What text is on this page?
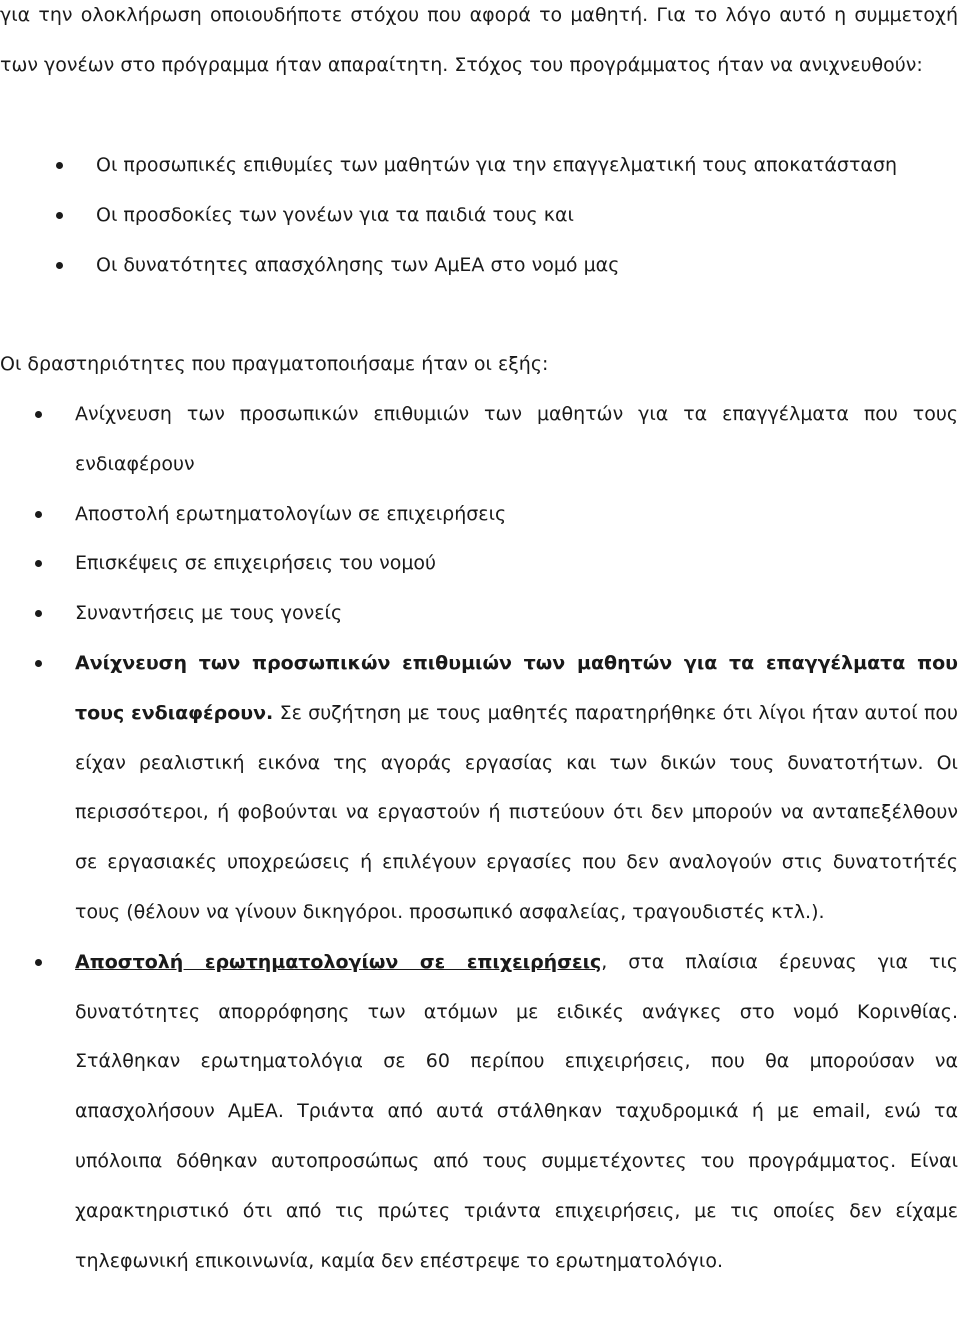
για την ολοκλήρωση οποιουδήποτε στόχου που αφορά το μαθητή. Για το λόγο αυτό η συμμετοχή των γονέων στο πρόγραμμα ήταν απαραίτητη. Στόχος του προγράμματος ήταν να ανιχνευθούν:

Οι προσωπικές επιθυμίες των μαθητών για την επαγγελματική τους αποκατάσταση
Οι προσδοκίες των γονέων για τα παιδιά τους και
Οι δυνατότητες απασχόλησης των ΑμΕΑ στο νομό μας

Οι δραστηριότητες που πραγματοποιήσαμε ήταν οι εξής:

Ανίχνευση των προσωπικών επιθυμιών των μαθητών για τα επαγγέλματα που τους ενδιαφέρουν
Αποστολή ερωτηματολογίων σε επιχειρήσεις
Επισκέψεις σε επιχειρήσεις του νομού
Συναντήσεις με τους γονείς
Ανίχνευση των προσωπικών επιθυμιών των μαθητών για τα επαγγέλματα που τους ενδιαφέρουν. Σε συζήτηση με τους μαθητές παρατηρήθηκε ότι λίγοι ήταν αυτοί που είχαν ρεαλιστική εικόνα της αγοράς εργασίας και των δικών τους δυνατοτήτων. Οι περισσότεροι, ή φοβούνται να εργαστούν ή πιστεύουν ότι δεν μπορούν να ανταπεξέλθουν σε εργασιακές υποχρεώσεις ή επιλέγουν εργασίες που δεν αναλογούν στις δυνατοτήτές τους (θέλουν να γίνουν δικηγόροι. προσωπικό ασφαλείας, τραγουδιστές κτλ.).
Αποστολή ερωτηματολογίων σε επιχειρήσεις, στα πλαίσια έρευνας για τις δυνατότητες απορρόφησης των ατόμων με ειδικές ανάγκες στο νομό Κορινθίας. Στάλθηκαν ερωτηματολόγια σε 60 περίπου επιχειρήσεις, που θα μπορούσαν να απασχολήσουν ΑμΕΑ. Τριάντα από αυτά στάλθηκαν ταχυδρομικά ή με email, ενώ τα υπόλοιπα δόθηκαν αυτοπροσώπως από τους συμμετέχοντες του προγράμματος. Είναι χαρακτηριστικό ότι από τις πρώτες τριάντα επιχειρήσεις, με τις οποίες δεν είχαμε τηλεφωνική επικοινωνία, καμία δεν επέστρεψε το ερωτηματολόγιο.
